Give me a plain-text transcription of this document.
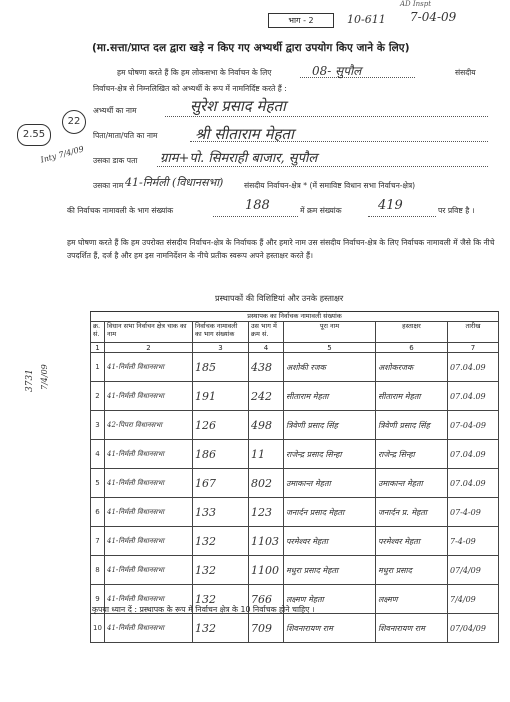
भाग - 2	10-611 7-04-09
AD Inspt
(मा.सत्ता/प्राप्त दल द्वारा खड़े न किए गए अभ्यर्थी द्वारा उपयोग किए जाने के लिए)
हम घोषणा करते हैं कि हम लोकसभा के निर्वाचन के लिए	08- सुपौल	संसदीय
निर्वाचन-क्षेत्र से निम्नलिखित को अभ्यर्थी के रूप में नामनिर्दिष्ट करते हैं :
2.55
22
Inty 7/4/09
3731 7/4/09
अभ्यर्थी का नाम	सुरेश प्रसाद मेहता
पिता/माता/पति का नाम	श्री सीताराम मेहता
उसका डाक पता ग्राम+पो. सिमराही बाजार, सुपौल
उसका नाम 41-निर्मली (विधानसभा)	संसदीय निर्वाचन-क्षेत्र * (में समाविष्ट विधान सभा निर्वाचन-क्षेत्र)
की निर्वाचक नामावली के भाग संख्यांक	188	में क्रम संख्यांक	419	पर प्रविष्ट है ।
हम घोषणा करते हैं कि हम उपरोक्त संसदीय निर्वाचन-क्षेत्र के निर्वाचक हैं और हमारे नाम उस संसदीय निर्वाचन-क्षेत्र के लिए निर्वाचक नामावली में जैसे कि नीचे उपदर्शित हैं, दर्ज है और हम इस नामनिर्देशन के नीचे प्रतीक स्वरूप अपने हस्ताक्षर करते हैं।
प्रस्थापकों की विशिष्टियां और उनके हस्ताक्षर
प्रस्थापक का निर्वाचक नामावली संख्यांक						
क्र. सं.	विधान सभा निर्वाचन क्षेत्र चाक का नाम	निर्वाचक नामावली का भाग संख्यांक	उस भाग में क्रम सं.	पूरा नाम	हस्ताक्षर	तारीख
1	2	3	4	5	6	7
1	41-निर्मली विधानसभा	185	438	अशोकी रजक	अशोकरजक	07.04.09
2	41-निर्मली विधानसभा	191	242	सीताराम मेहता	सीताराम मेहता	07.04.09
3	42-पिपरा विधानसभा	126	498	त्रिवेणी प्रसाद सिंह	त्रिवेणी प्रसाद सिंह	07-04-09
4	41-निर्मली विधानसभा	186	11	राजेन्द्र प्रसाद सिन्हा	राजेन्द्र सिन्हा	07.04.09
5	41-निर्मली विधानसभा	167	802	उमाकान्त मेहता	उमाकान्त मेहता	07.04.09
6	41-निर्मली विधानसभा	133	123	जनार्दन प्रसाद मेहता	जनार्दन प्र. मेहता	07-4-09
7	41-निर्मली विधानसभा	132	1103	परमेश्वर मेहता	परमेश्वर मेहता	7-4-09
8	41-निर्मली विधानसभा	132	1100	मधुरा प्रसाद मेहता	मधुरा प्रसाद	07/4/09
9	41-निर्मली विधानसभा	132	766	लक्ष्मण मेहता	लक्ष्मण	7/4/09
10	41-निर्मली विधानसभा	132	709	शिवनारायण राम	शिवनारायण राम	07/04/09
कृपया ध्यान दें : प्रस्थापक के रूप में निर्वाचन क्षेत्र के 10 निर्वाचक होने चाहिए ।
